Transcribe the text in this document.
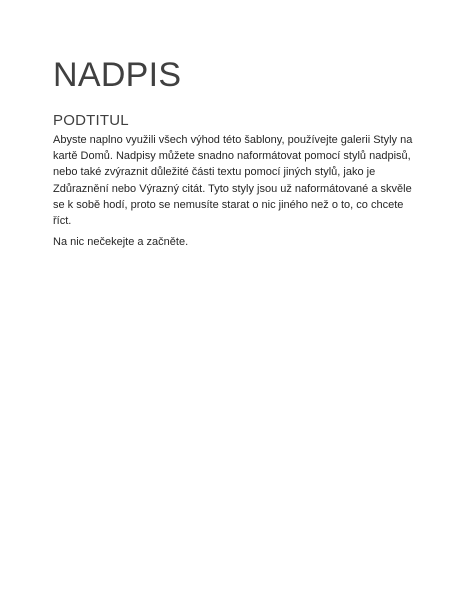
NADPIS
PODTITUL

Abyste naplno využili všech výhod této šablony, používejte galerii Styly na kartě Domů. Nadpisy můžete snadno naformátovat pomocí stylů nadpisů, nebo také zvýraznit důležité části textu pomocí jiných stylů, jako je Zdůraznění nebo Výrazný citát. Tyto styly jsou už naformátované a skvěle se k sobě hodí, proto se nemusíte starat o nic jiného než o to, co chcete říct.

Na nic nečekejte a začněte.
